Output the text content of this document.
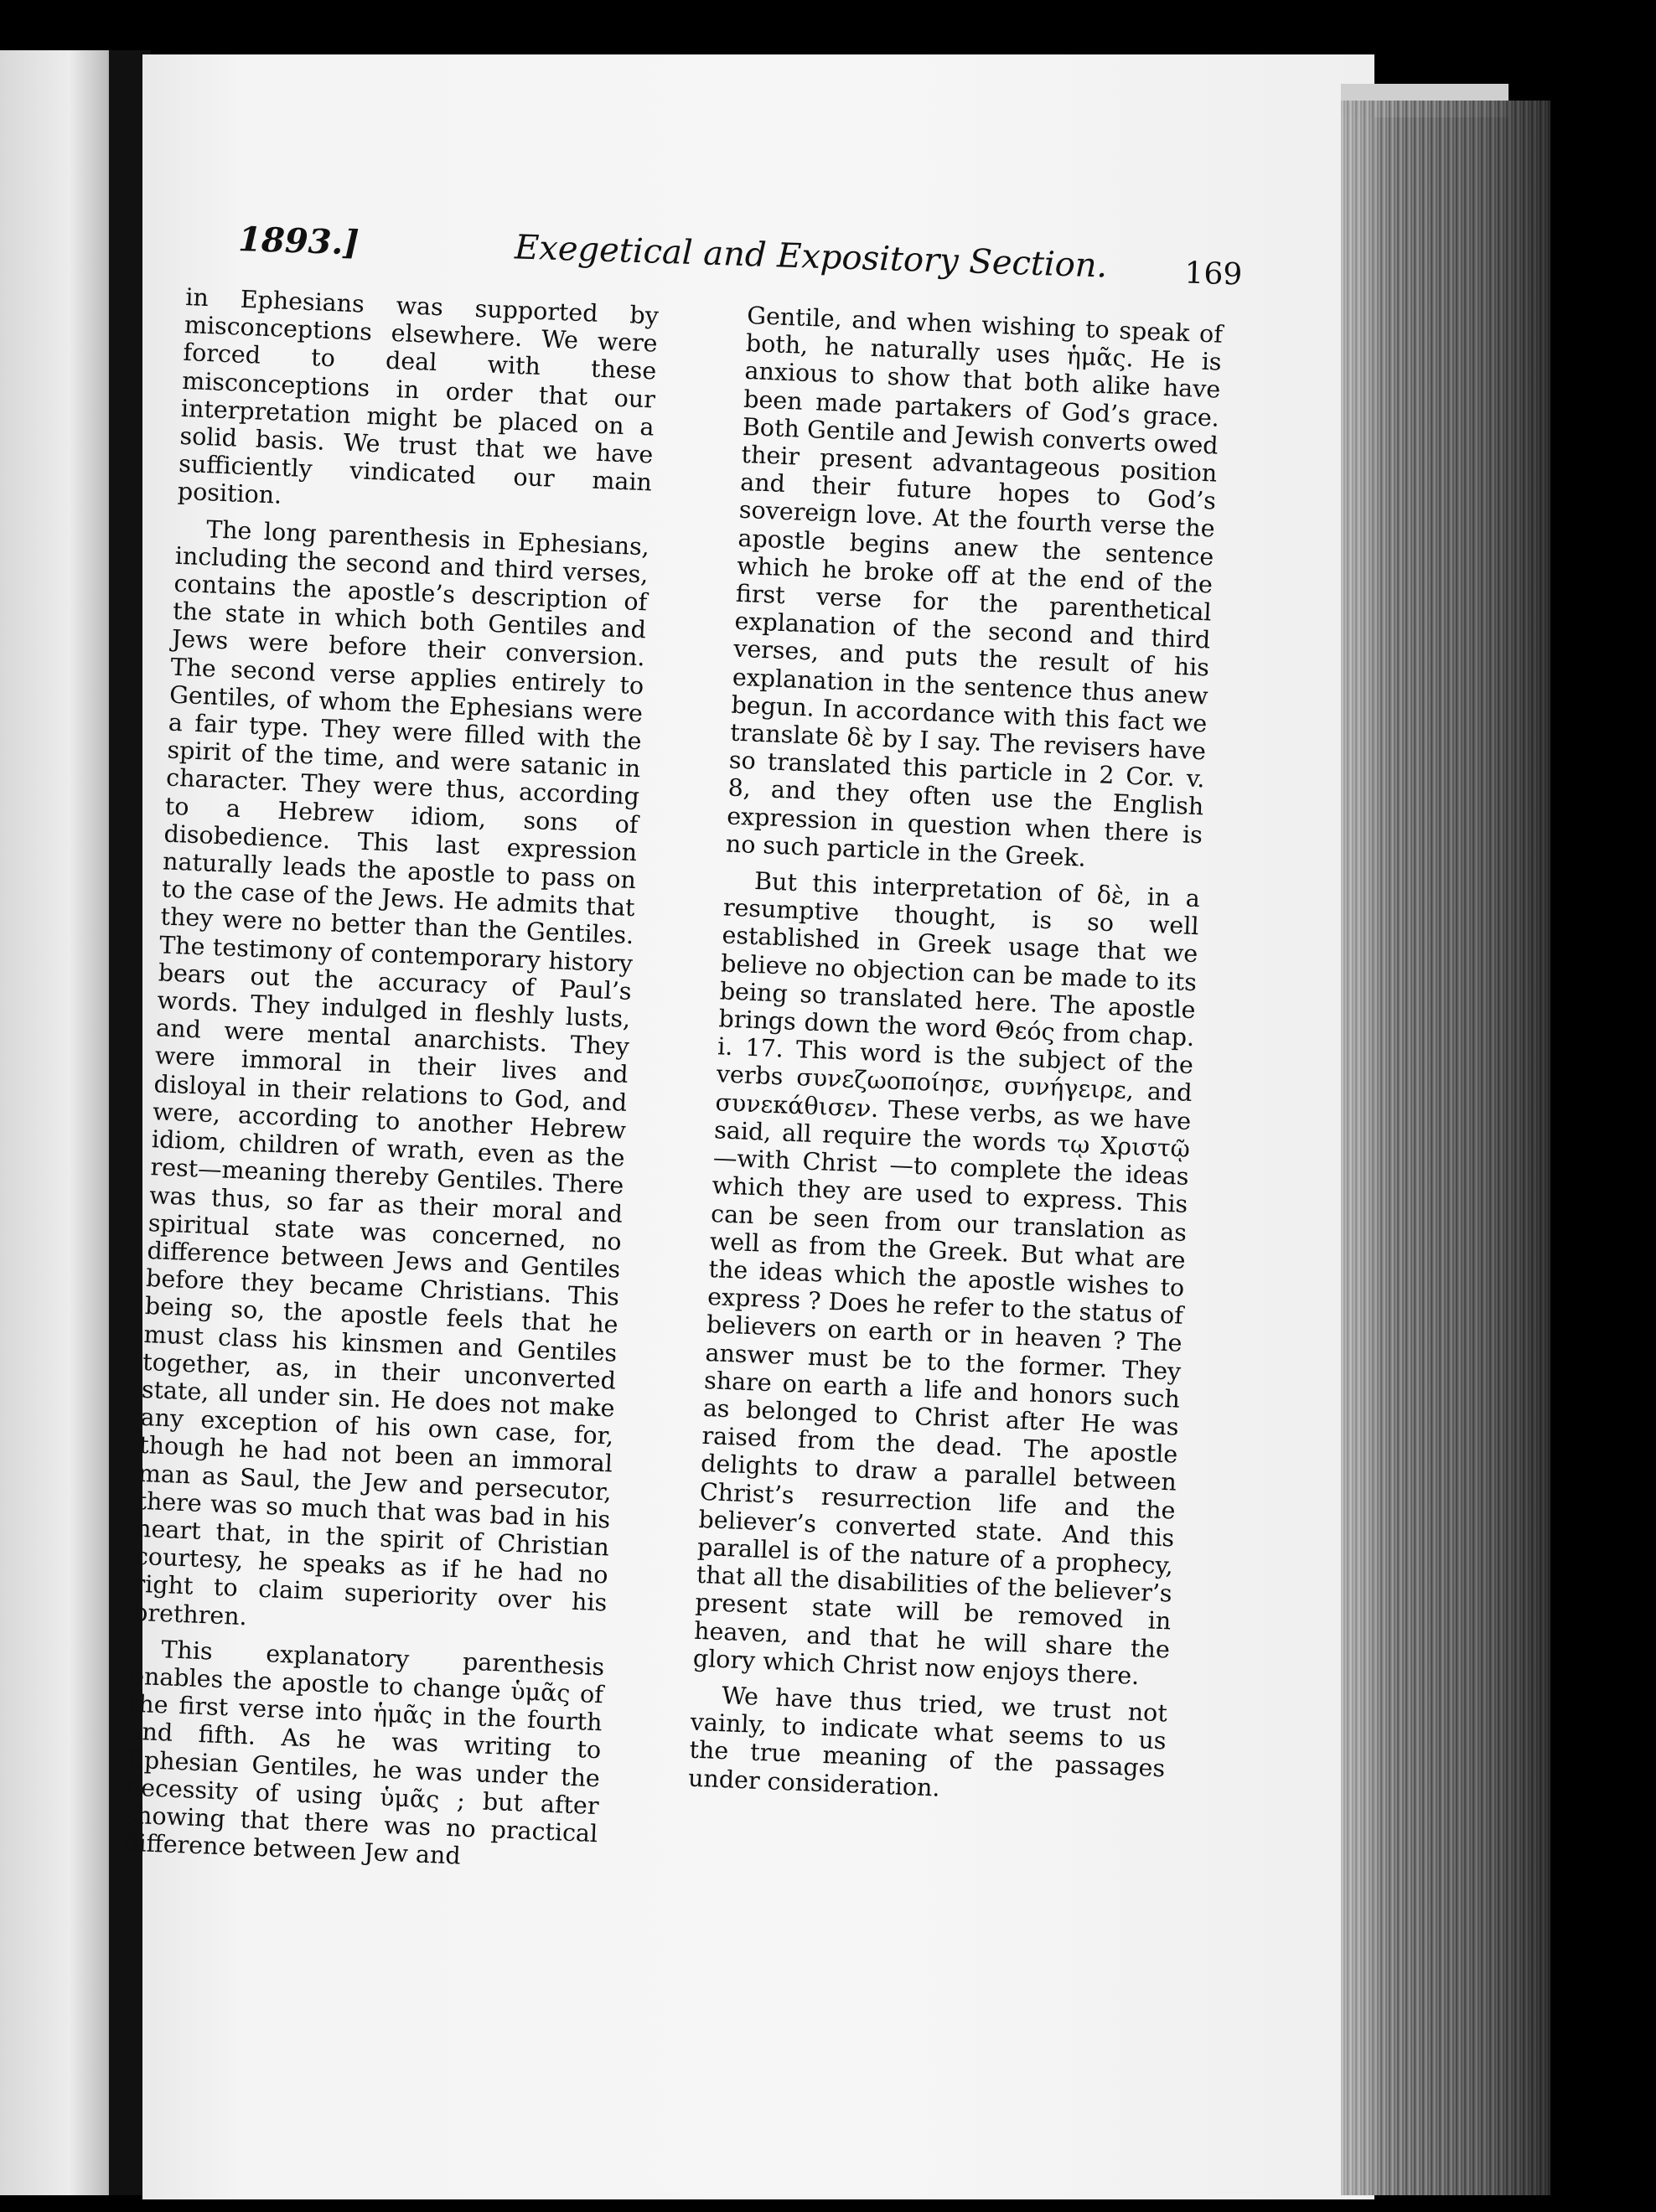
1893.]	Exegetical and Expository Section.	169

in Ephesians was supported by misconceptions elsewhere. We were forced to deal with these misconceptions in order that our interpretation might be placed on a solid basis. We trust that we have sufficiently vindicated our main position.

The long parenthesis in Ephesians, including the second and third verses, contains the apostle’s description of the state in which both Gentiles and Jews were before their conversion. The second verse applies entirely to Gentiles, of whom the Ephesians were a fair type. They were filled with the spirit of the time, and were satanic in character. They were thus, according to a Hebrew idiom, sons of disobedience. This last expression naturally leads the apostle to pass on to the case of the Jews. He admits that they were no better than the Gentiles. The testimony of contemporary history bears out the accuracy of Paul’s words. They indulged in fleshly lusts, and were mental anarchists. They were immoral in their lives and disloyal in their relations to God, and were, according to another Hebrew idiom, children of wrath, even as the rest—meaning thereby Gentiles. There was thus, so far as their moral and spiritual state was concerned, no difference between Jews and Gentiles before they became Christians. This being so, the apostle feels that he must class his kinsmen and Gentiles together, as, in their unconverted state, all under sin. He does not make any exception of his own case, for, though he had not been an immoral man as Saul, the Jew and persecutor, there was so much that was bad in his heart that, in the spirit of Christian courtesy, he speaks as if he had no right to claim superiority over his brethren.

This explanatory parenthesis enables the apostle to change ὑμᾶς of the first verse into ἡμᾶς in the fourth and fifth. As he was writing to Ephesian Gentiles, he was under the necessity of using ὑμᾶς ; but after showing that there was no practical difference between Jew and

Gentile, and when wishing to speak of both, he naturally uses ἡμᾶς. He is anxious to show that both alike have been made partakers of God’s grace. Both Gentile and Jewish converts owed their present advantageous position and their future hopes to God’s sovereign love. At the fourth verse the apostle begins anew the sentence which he broke off at the end of the first verse for the parenthetical explanation of the second and third verses, and puts the result of his explanation in the sentence thus anew begun. In accordance with this fact we translate δὲ by I say. The revisers have so translated this particle in 2 Cor. v. 8, and they often use the English expression in question when there is no such particle in the Greek.

But this interpretation of δὲ, in a resumptive thought, is so well established in Greek usage that we believe no objection can be made to its being so translated here. The apostle brings down the word Θεός from chap. i. 17. This word is the subject of the verbs συνεζωοποίησε, συνήγειρε, and συνεκάθισεν. These verbs, as we have said, all require the words τῳ Χριστῷ—with Christ —to complete the ideas which they are used to express. This can be seen from our translation as well as from the Greek. But what are the ideas which the apostle wishes to express ? Does he refer to the status of believers on earth or in heaven ? The answer must be to the former. They share on earth a life and honors such as belonged to Christ after He was raised from the dead. The apostle delights to draw a parallel between Christ’s resurrection life and the believer’s converted state. And this parallel is of the nature of a prophecy, that all the disabilities of the believer’s present state will be removed in heaven, and that he will share the glory which Christ now enjoys there.

We have thus tried, we trust not vainly, to indicate what seems to us the true meaning of the passages under consideration.
